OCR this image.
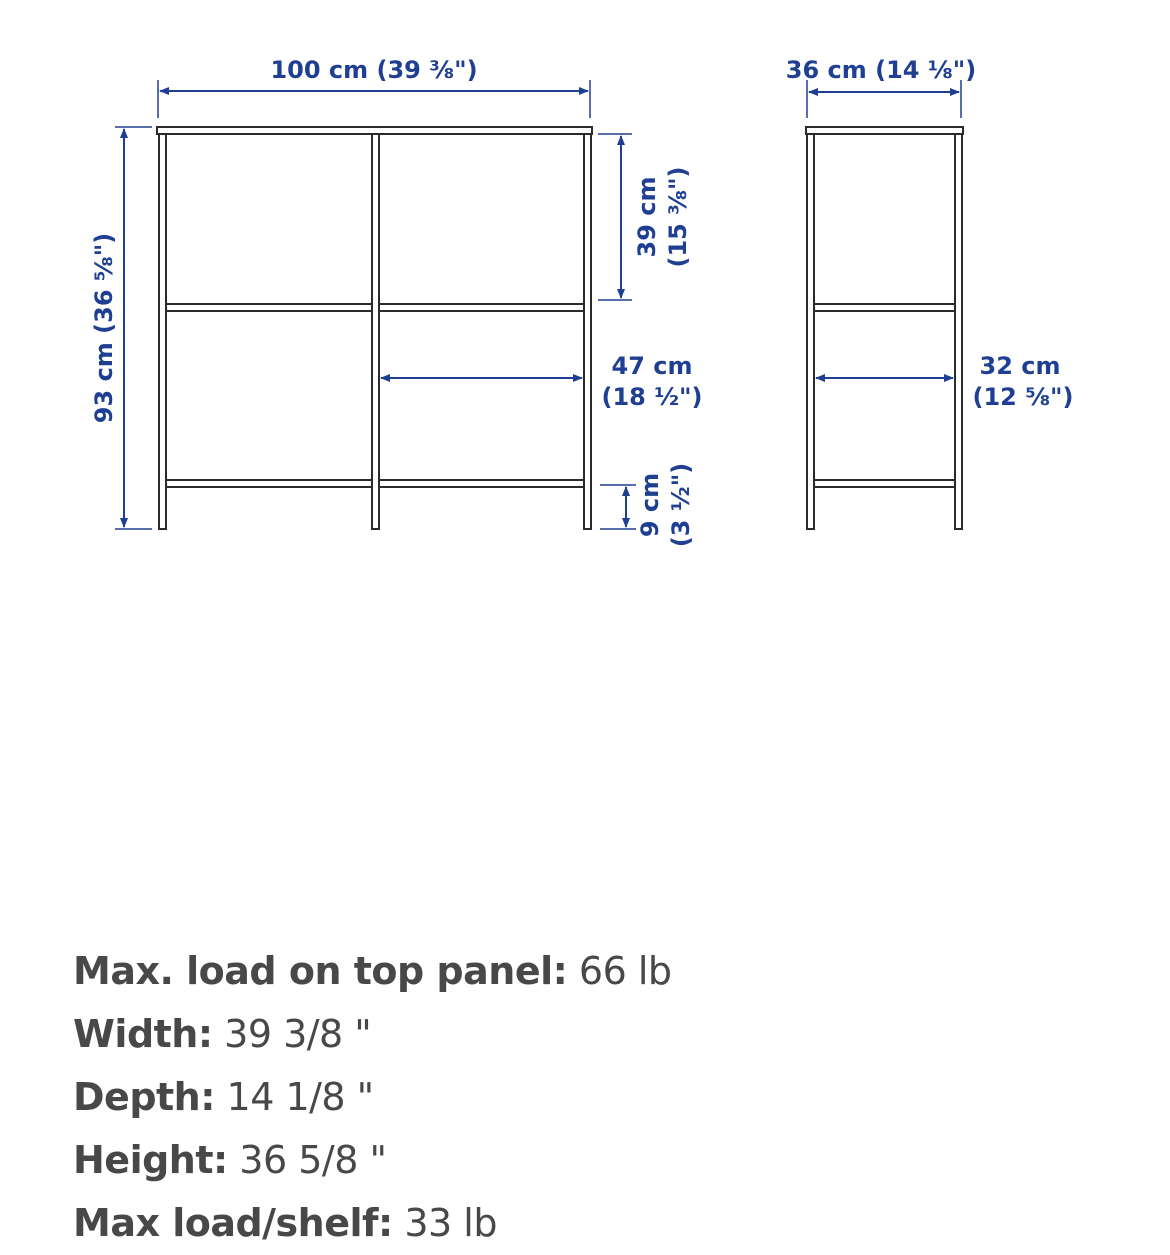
100 cm (39 ⅜")
93 cm (36 ⅝")
39 cm (15 ⅜")
47 cm
(18 ½")
9 cm (3 ½")
36 cm (14 ⅛")
32 cm
(12 ⅝")
Max. load on top panel: 66 lb
Width: 39 3/8 "
Depth: 14 1/8 "
Height: 36 5/8 "
Max load/shelf: 33 lb
